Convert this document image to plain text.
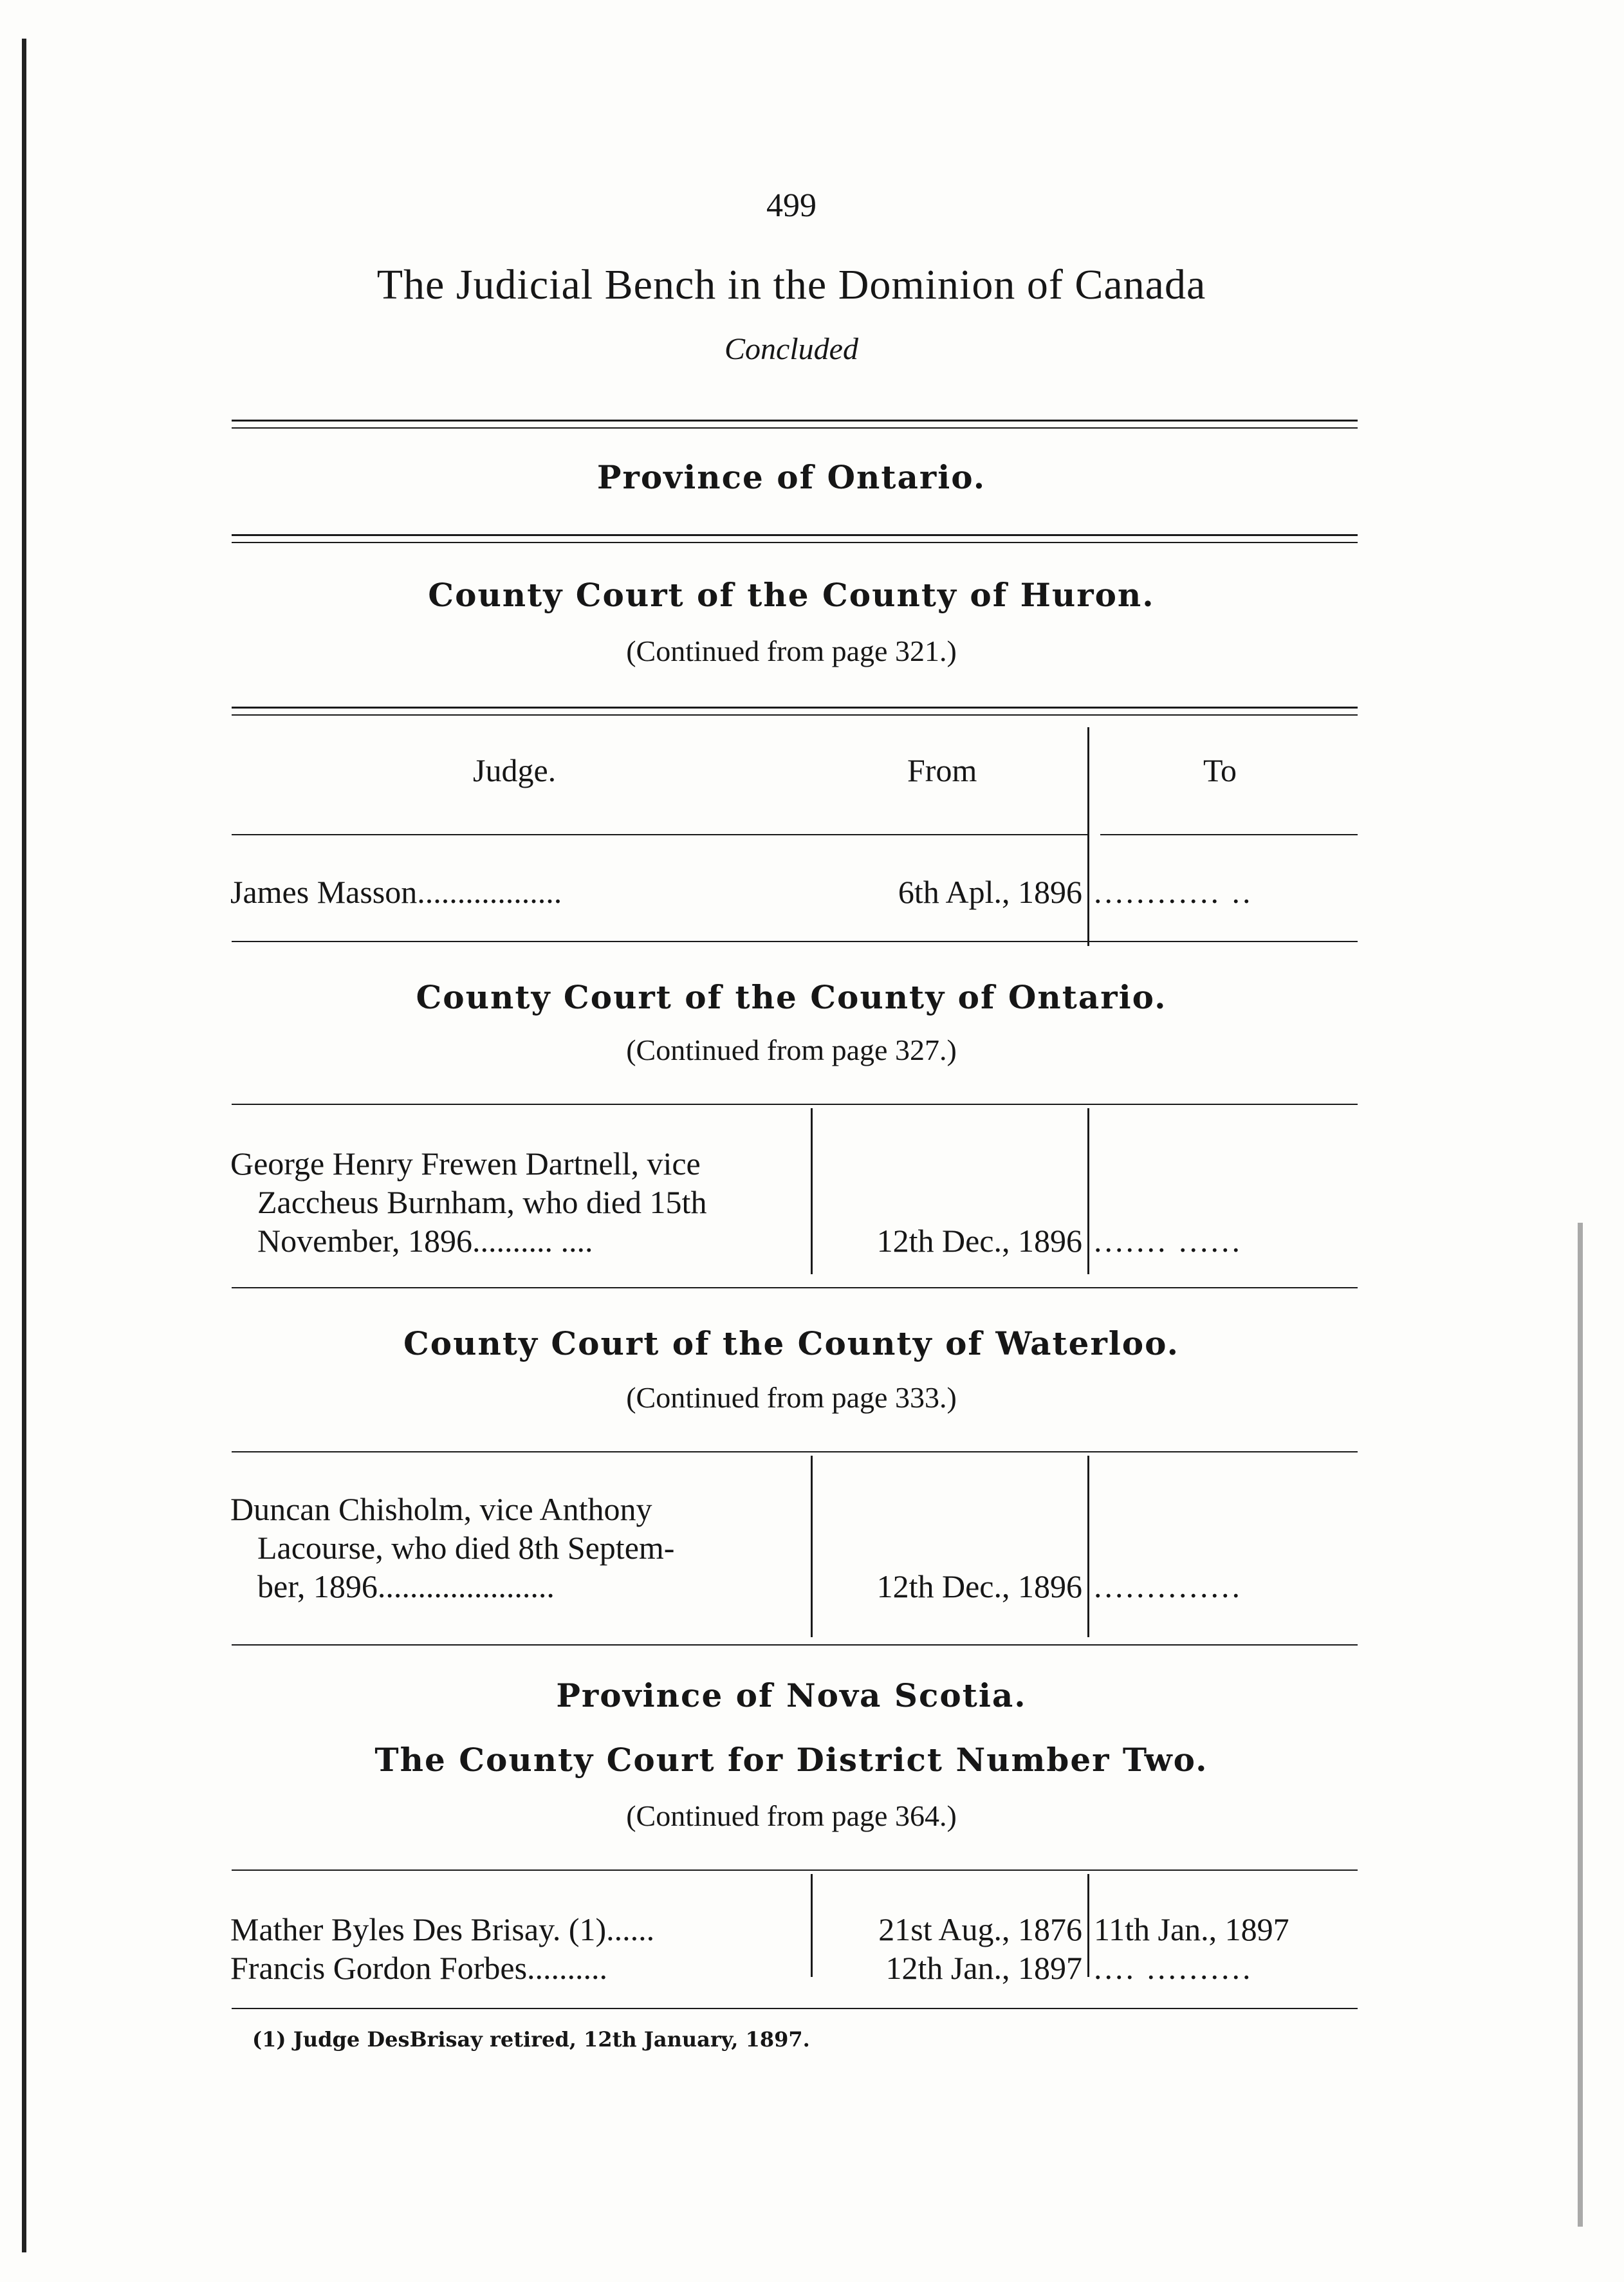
499
The Judicial Bench in the Dominion of Canada
Concluded
Province of Ontario.
County Court of the County of Huron.
(Continued from page 321.)
Judge.	From	To
James Masson..................	6th Apl., 1896 ............ ..
County Court of the County of Ontario.
(Continued from page 327.)
George Henry Frewen Dartnell, vice
Zaccheus Burnham, who died 15th
November, 1896.......... ....	12th Dec., 1896 ....... ......
County Court of the County of Waterloo.
(Continued from page 333.)
Duncan Chisholm, vice Anthony
Lacourse, who died 8th Septem-
ber, 1896......................	12th Dec., 1896 ..............
Province of Nova Scotia.
The County Court for District Number Two.
(Continued from page 364.)
Mather Byles Des Brisay. (1)......	21st Aug., 1876 11th Jan., 1897
Francis Gordon Forbes..........	12th Jan., 1897 .... ..........
(1) Judge DesBrisay retired, 12th January, 1897.
